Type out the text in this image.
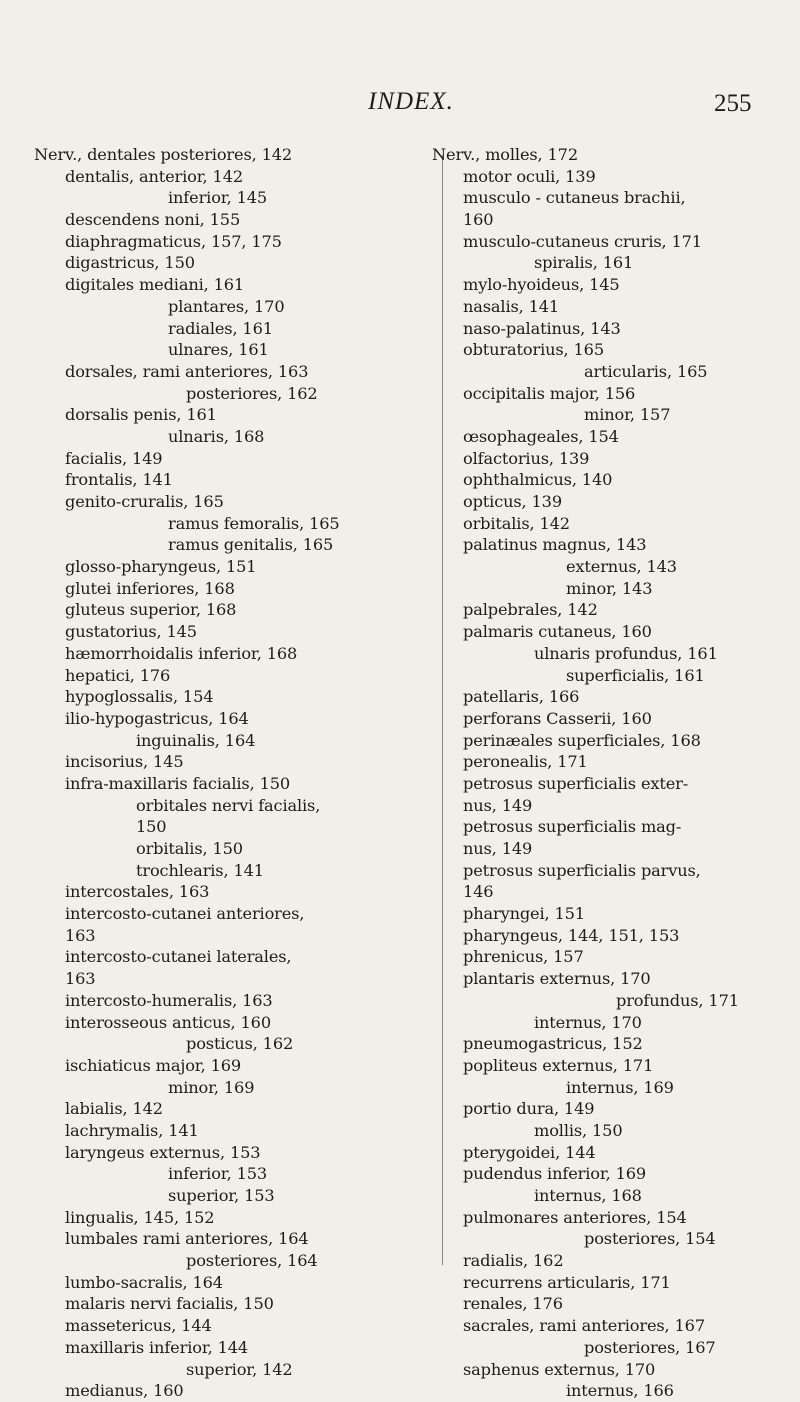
INDEX.	255
Nerv., dentales posteriores, 142
dentalis, anterior, 142
inferior, 145
descendens noni, 155
diaphragmaticus, 157, 175
digastricus, 150
digitales mediani, 161
plantares, 170
radiales, 161
ulnares, 161
dorsales, rami anteriores, 163
posteriores, 162
dorsalis penis, 161
ulnaris, 168
facialis, 149
frontalis, 141
genito-cruralis, 165
ramus femoralis, 165
ramus genitalis, 165
glosso-pharyngeus, 151
glutei inferiores, 168
gluteus superior, 168
gustatorius, 145
hæmorrhoidalis inferior, 168
hepatici, 176
hypoglossalis, 154
ilio-hypogastricus, 164
inguinalis, 164
incisorius, 145
infra-maxillaris facialis, 150
orbitales nervi facialis,
150
orbitalis, 150
trochlearis, 141
intercostales, 163
intercosto-cutanei anteriores,
163
intercosto-cutanei laterales,
163
intercosto-humeralis, 163
interosseous anticus, 160
posticus, 162
ischiaticus major, 169
minor, 169
labialis, 142
lachrymalis, 141
laryngeus externus, 153
inferior, 153
superior, 153
lingualis, 145, 152
lumbales rami anteriores, 164
posteriores, 164
lumbo-sacralis, 164
malaris nervi facialis, 150
massetericus, 144
maxillaris inferior, 144
superior, 142
medianus, 160
Nerv., molles, 172
motor oculi, 139
musculo - cutaneus brachii,
160
musculo-cutaneus cruris, 171
spiralis, 161
mylo-hyoideus, 145
nasalis, 141
naso-palatinus, 143
obturatorius, 165
articularis, 165
occipitalis major, 156
minor, 157
œsophageales, 154
olfactorius, 139
ophthalmicus, 140
opticus, 139
orbitalis, 142
palatinus magnus, 143
externus, 143
minor, 143
palpebrales, 142
palmaris cutaneus, 160
ulnaris profundus, 161
superficialis, 161
patellaris, 166
perforans Casserii, 160
perinæales superficiales, 168
peronealis, 171
petrosus superficialis exter-
nus, 149
petrosus superficialis mag-
nus, 149
petrosus superficialis parvus,
146
pharyngei, 151
pharyngeus, 144, 151, 153
phrenicus, 157
plantaris externus, 170
profundus, 171
internus, 170
pneumogastricus, 152
popliteus externus, 171
internus, 169
portio dura, 149
mollis, 150
pterygoidei, 144
pudendus inferior, 169
internus, 168
pulmonares anteriores, 154
posteriores, 154
radialis, 162
recurrens articularis, 171
renales, 176
sacrales, rami anteriores, 167
posteriores, 167
saphenus externus, 170
internus, 166
